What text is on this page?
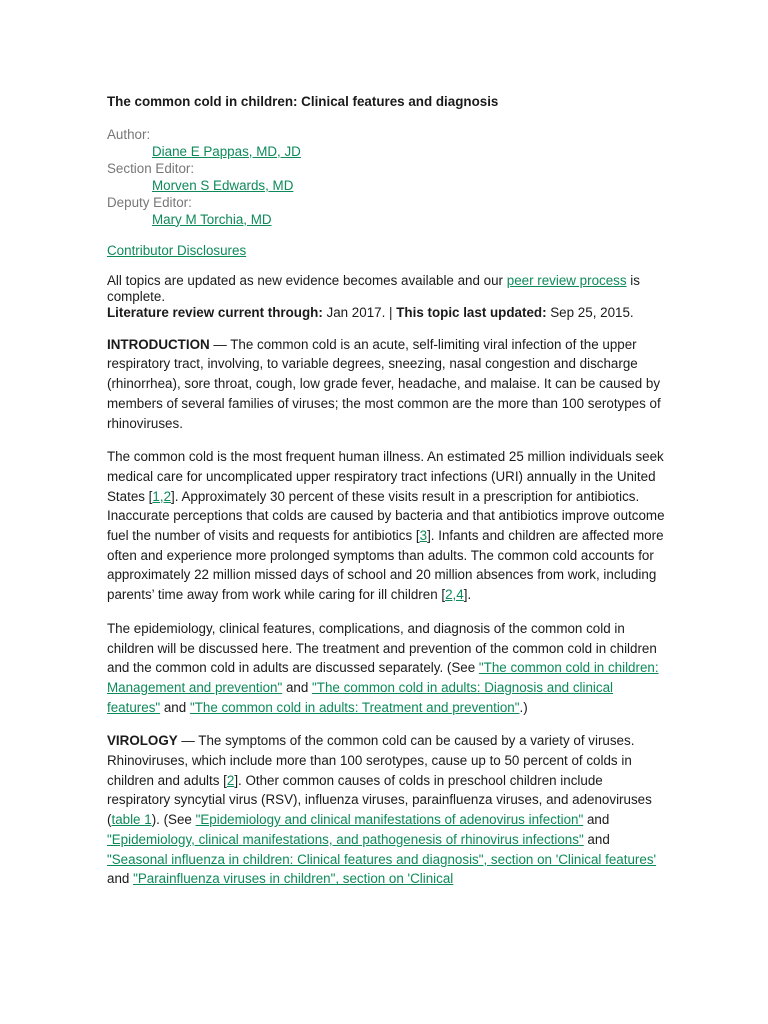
The common cold in children: Clinical features and diagnosis
Author:
Diane E Pappas, MD, JD
Section Editor:
Morven S Edwards, MD
Deputy Editor:
Mary M Torchia, MD
Contributor Disclosures
All topics are updated as new evidence becomes available and our peer review process is complete.
Literature review current through: Jan 2017. | This topic last updated: Sep 25, 2015.

INTRODUCTION — The common cold is an acute, self-limiting viral infection of the upper respiratory tract, involving, to variable degrees, sneezing, nasal congestion and discharge (rhinorrhea), sore throat, cough, low grade fever, headache, and malaise. It can be caused by members of several families of viruses; the most common are the more than 100 serotypes of rhinoviruses.

The common cold is the most frequent human illness. An estimated 25 million individuals seek medical care for uncomplicated upper respiratory tract infections (URI) annually in the United States [1,2]. Approximately 30 percent of these visits result in a prescription for antibiotics. Inaccurate perceptions that colds are caused by bacteria and that antibiotics improve outcome fuel the number of visits and requests for antibiotics [3]. Infants and children are affected more often and experience more prolonged symptoms than adults. The common cold accounts for approximately 22 million missed days of school and 20 million absences from work, including parents’ time away from work while caring for ill children [2,4].

The epidemiology, clinical features, complications, and diagnosis of the common cold in children will be discussed here. The treatment and prevention of the common cold in children and the common cold in adults are discussed separately. (See "The common cold in children: Management and prevention" and "The common cold in adults: Diagnosis and clinical features" and "The common cold in adults: Treatment and prevention".)

VIROLOGY — The symptoms of the common cold can be caused by a variety of viruses. Rhinoviruses, which include more than 100 serotypes, cause up to 50 percent of colds in children and adults [2]. Other common causes of colds in preschool children include respiratory syncytial virus (RSV), influenza viruses, parainfluenza viruses, and adenoviruses (table 1). (See "Epidemiology and clinical manifestations of adenovirus infection" and "Epidemiology, clinical manifestations, and pathogenesis of rhinovirus infections" and "Seasonal influenza in children: Clinical features and diagnosis", section on 'Clinical features' and "Parainfluenza viruses in children", section on 'Clinical
